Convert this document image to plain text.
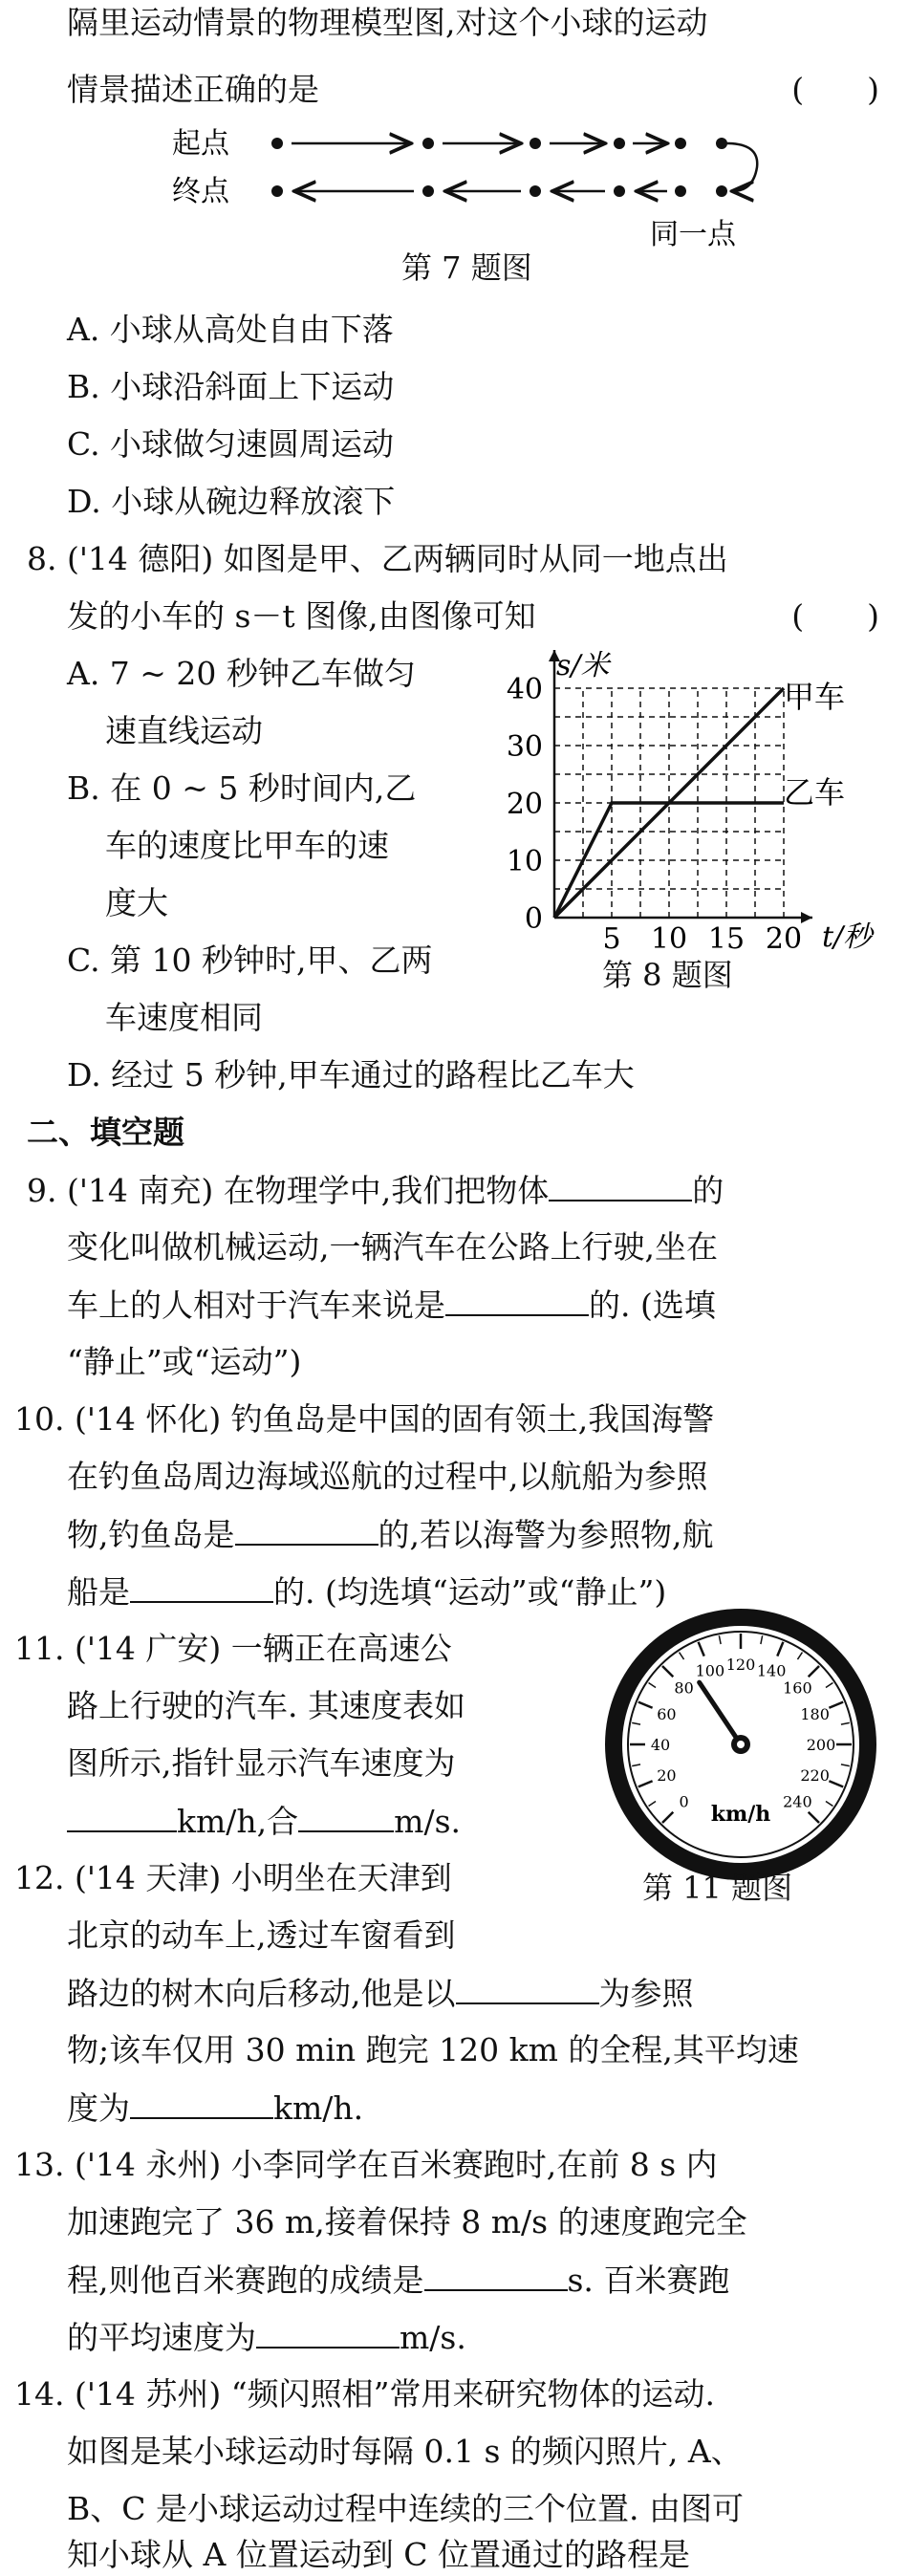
隔里运动情景的物理模型图,对这个小球的运动
情景描述正确的是	(　　)
起点
终点
同一点
第 7 题图
A. 小球从高处自由下落
B. 小球沿斜面上下运动
C. 小球做匀速圆周运动
D. 小球从碗边释放滚下
8. ('14 德阳) 如图是甲、乙两辆同时从同一地点出
发的小车的 s－t 图像,由图像可知	(　　)
A. 7 ~ 20 秒钟乙车做匀
速直线运动
B. 在 0 ~ 5 秒时间内,乙
车的速度比甲车的速
度大
C. 第 10 秒钟时,甲、乙两
车速度相同
D. 经过 5 秒钟,甲车通过的路程比乙车大
5 10 15 20
0
10
20
30
40
s/米
t/秒
甲车
乙车
第 8 题图
二、填空题
9. ('14 南充) 在物理学中,我们把物体	的
变化叫做机械运动,一辆汽车在公路上行驶,坐在
车上的人相对于汽车来说是	的. (选填
“静止”或“运动”)
10. ('14 怀化) 钓鱼岛是中国的固有领土,我国海警
在钓鱼岛周边海域巡航的过程中,以航船为参照
物,钓鱼岛是	的,若以海警为参照物,航
船是	的. (均选填“运动”或“静止”)
11. ('14 广安) 一辆正在高速公
路上行驶的汽车. 其速度表如
图所示,指针显示汽车速度为
km/h,合	m/s.
0
20
40
60
80
100 120 140
160
180
200
220
240
km/h
第 11 题图
12. ('14 天津) 小明坐在天津到
北京的动车上,透过车窗看到
路边的树木向后移动,他是以	为参照
物;该车仅用 30 min 跑完 120 km 的全程,其平均速
度为	km/h.
13. ('14 永州) 小李同学在百米赛跑时,在前 8 s 内
加速跑完了 36 m,接着保持 8 m/s 的速度跑完全
程,则他百米赛跑的成绩是	s. 百米赛跑
的平均速度为	m/s.
14. ('14 苏州) “频闪照相”常用来研究物体的运动.
如图是某小球运动时每隔 0.1 s 的频闪照片, A、
B、C 是小球运动过程中连续的三个位置. 由图可
知小球从 A 位置运动到 C 位置通过的路程是
